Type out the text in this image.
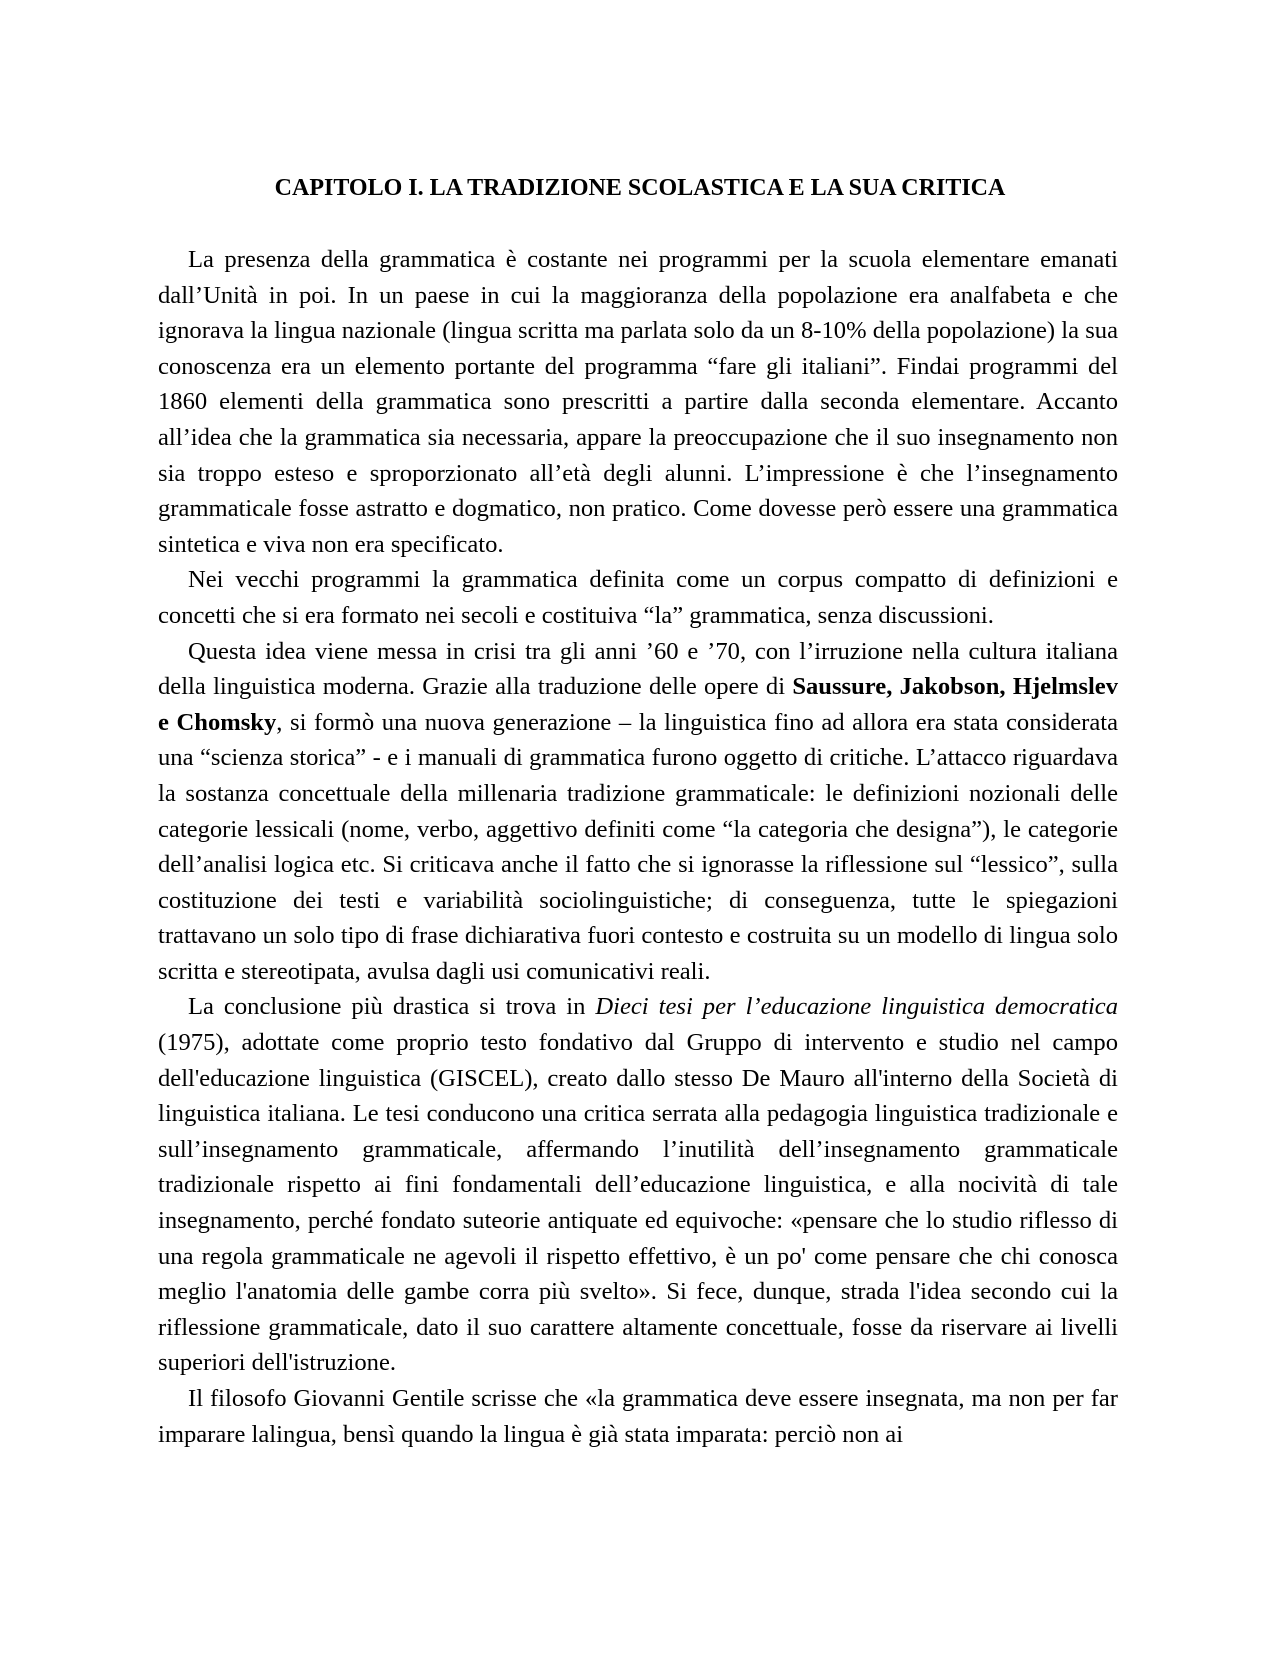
CAPITOLO I. LA TRADIZIONE SCOLASTICA E LA SUA CRITICA

La presenza della grammatica è costante nei programmi per la scuola elementare emanati dall’Unità in poi. In un paese in cui la maggioranza della popolazione era analfabeta e che ignorava la lingua nazionale (lingua scritta ma parlata solo da un 8-10% della popolazione) la sua conoscenza era un elemento portante del programma “fare gli italiani”. Findai programmi del 1860 elementi della grammatica sono prescritti a partire dalla seconda elementare. Accanto all’idea che la grammatica sia necessaria, appare la preoccupazione che il suo insegnamento non sia troppo esteso e sproporzionato all’età degli alunni. L’impressione è che l’insegnamento grammaticale fosse astratto e dogmatico, non pratico. Come dovesse però essere una grammatica sintetica e viva non era specificato.

Nei vecchi programmi la grammatica definita come un corpus compatto di definizioni e concetti che si era formato nei secoli e costituiva “la” grammatica, senza discussioni.

Questa idea viene messa in crisi tra gli anni ’60 e ’70, con l’irruzione nella cultura italiana della linguistica moderna. Grazie alla traduzione delle opere di Saussure, Jakobson, Hjelmslev e Chomsky, si formò una nuova generazione – la linguistica fino ad allora era stata considerata una “scienza storica” - e i manuali di grammatica furono oggetto di critiche. L’attacco riguardava la sostanza concettuale della millenaria tradizione grammaticale: le definizioni nozionali delle categorie lessicali (nome, verbo, aggettivo definiti come “la categoria che designa”), le categorie dell’analisi logica etc. Si criticava anche il fatto che si ignorasse la riflessione sul “lessico”, sulla costituzione dei testi e variabilità sociolinguistiche; di conseguenza, tutte le spiegazioni trattavano un solo tipo di frase dichiarativa fuori contesto e costruita su un modello di lingua solo scritta e stereotipata, avulsa dagli usi comunicativi reali.

La conclusione più drastica si trova in Dieci tesi per l’educazione linguistica democratica (1975), adottate come proprio testo fondativo dal Gruppo di intervento e studio nel campo dell'educazione linguistica (GISCEL), creato dallo stesso De Mauro all'interno della Società di linguistica italiana. Le tesi conducono una critica serrata alla pedagogia linguistica tradizionale e sull’insegnamento grammaticale, affermando l’inutilità dell’insegnamento grammaticale tradizionale rispetto ai fini fondamentali dell’educazione linguistica, e alla nocività di tale insegnamento, perché fondato suteorie antiquate ed equivoche: «pensare che lo studio riflesso di una regola grammaticale ne agevoli il rispetto effettivo, è un po' come pensare che chi conosca meglio l'anatomia delle gambe corra più svelto». Si fece, dunque, strada l'idea secondo cui la riflessione grammaticale, dato il suo carattere altamente concettuale, fosse da riservare ai livelli superiori dell'istruzione.

Il filosofo Giovanni Gentile scrisse che «la grammatica deve essere insegnata, ma non per far imparare lalingua, bensì quando la lingua è già stata imparata: perciò non ai
